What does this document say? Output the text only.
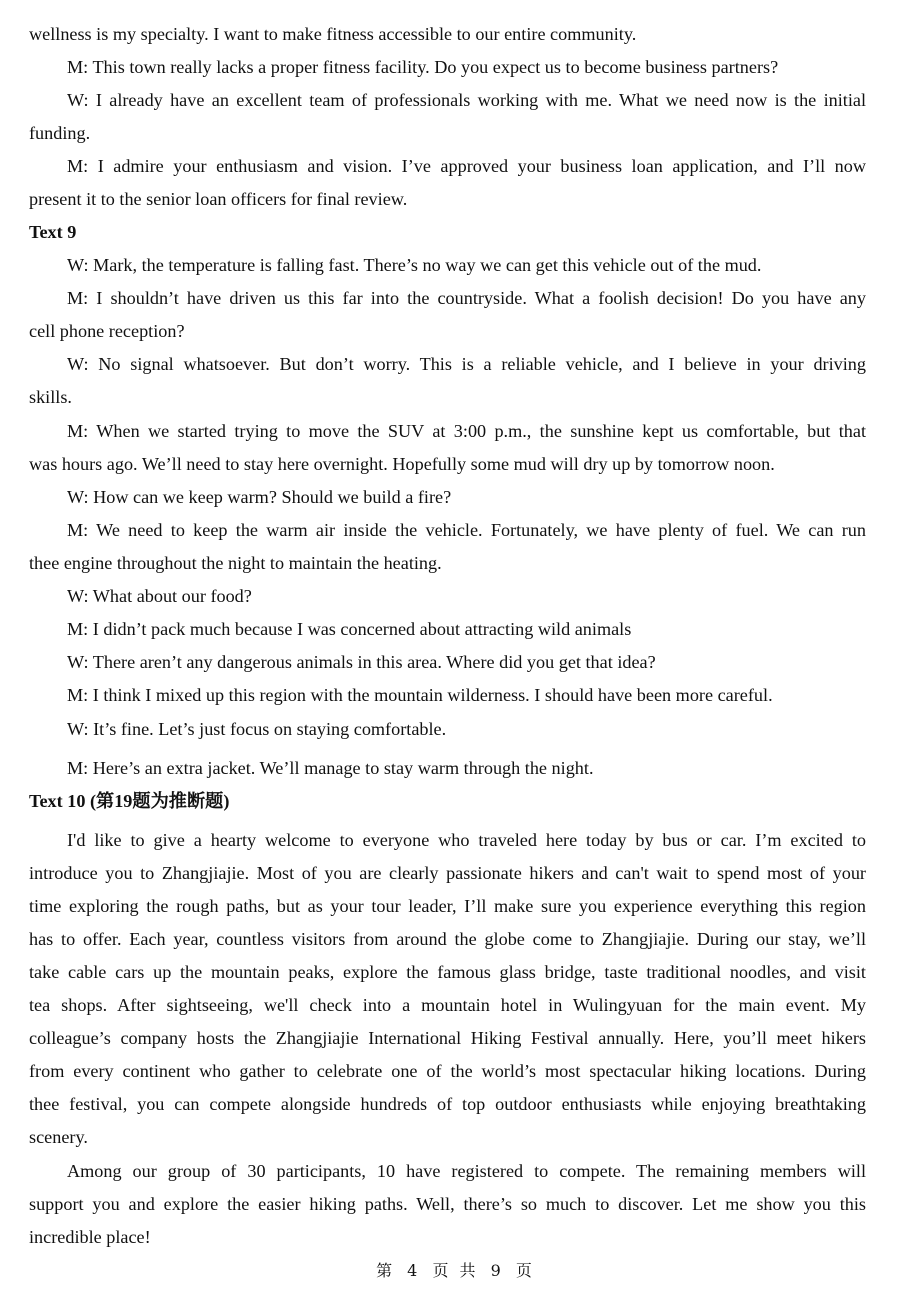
wellness is my specialty. I want to make fitness accessible to our entire community.
M: This town really lacks a proper fitness facility. Do you expect us to become business partners?
W: I already have an excellent team of professionals working with me. What we need now is the initial
funding.
M: I admire your enthusiasm and vision. I’ve approved your business loan application, and I’ll now
present it to the senior loan officers for final review.
Text 9
W: Mark, the temperature is falling fast. There’s no way we can get this vehicle out of the mud.
M: I shouldn’t have driven us this far into the countryside. What a foolish decision! Do you have any
cell phone reception?
W: No signal whatsoever. But don’t worry. This is a reliable vehicle, and I believe in your driving
skills.
M: When we started trying to move the SUV at 3:00 p.m., the sunshine kept us comfortable, but that
was hours ago. We’ll need to stay here overnight. Hopefully some mud will dry up by tomorrow noon.
W: How can we keep warm? Should we build a fire?
M: We need to keep the warm air inside the vehicle. Fortunately, we have plenty of fuel. We can run
thee engine throughout the night to maintain the heating.
W: What about our food?
M: I didn’t pack much because I was concerned about attracting wild animals
W: There aren’t any dangerous animals in this area. Where did you get that idea?
M: I think I mixed up this region with the mountain wilderness. I should have been more careful.
W: It’s fine. Let’s just focus on staying comfortable.
M: Here’s an extra jacket. We’ll manage to stay warm through the night.
Text 10 (第19题为推断题)
I'd like to give a hearty welcome to everyone who traveled here today by bus or car. I’m excited to
introduce you to Zhangjiajie. Most of you are clearly passionate hikers and can't wait to spend most of your
time exploring the rough paths, but as your tour leader, I’ll make sure you experience everything this region
has to offer. Each year, countless visitors from around the globe come to Zhangjiajie. During our stay, we’ll
take cable cars up the mountain peaks, explore the famous glass bridge, taste traditional noodles, and visit
tea shops. After sightseeing, we'll check into a mountain hotel in Wulingyuan for the main event. My
colleague’s company hosts the Zhangjiajie International Hiking Festival annually. Here, you’ll meet hikers
from every continent who gather to celebrate one of the world’s most spectacular hiking locations. During
thee festival, you can compete alongside hundreds of top outdoor enthusiasts while enjoying breathtaking
scenery.
Among our group of 30 participants, 10 have registered to compete. The remaining members will
support you and explore the easier hiking paths. Well, there’s so much to discover. Let me show you this
incredible place!
第 4 页 共 9 页
